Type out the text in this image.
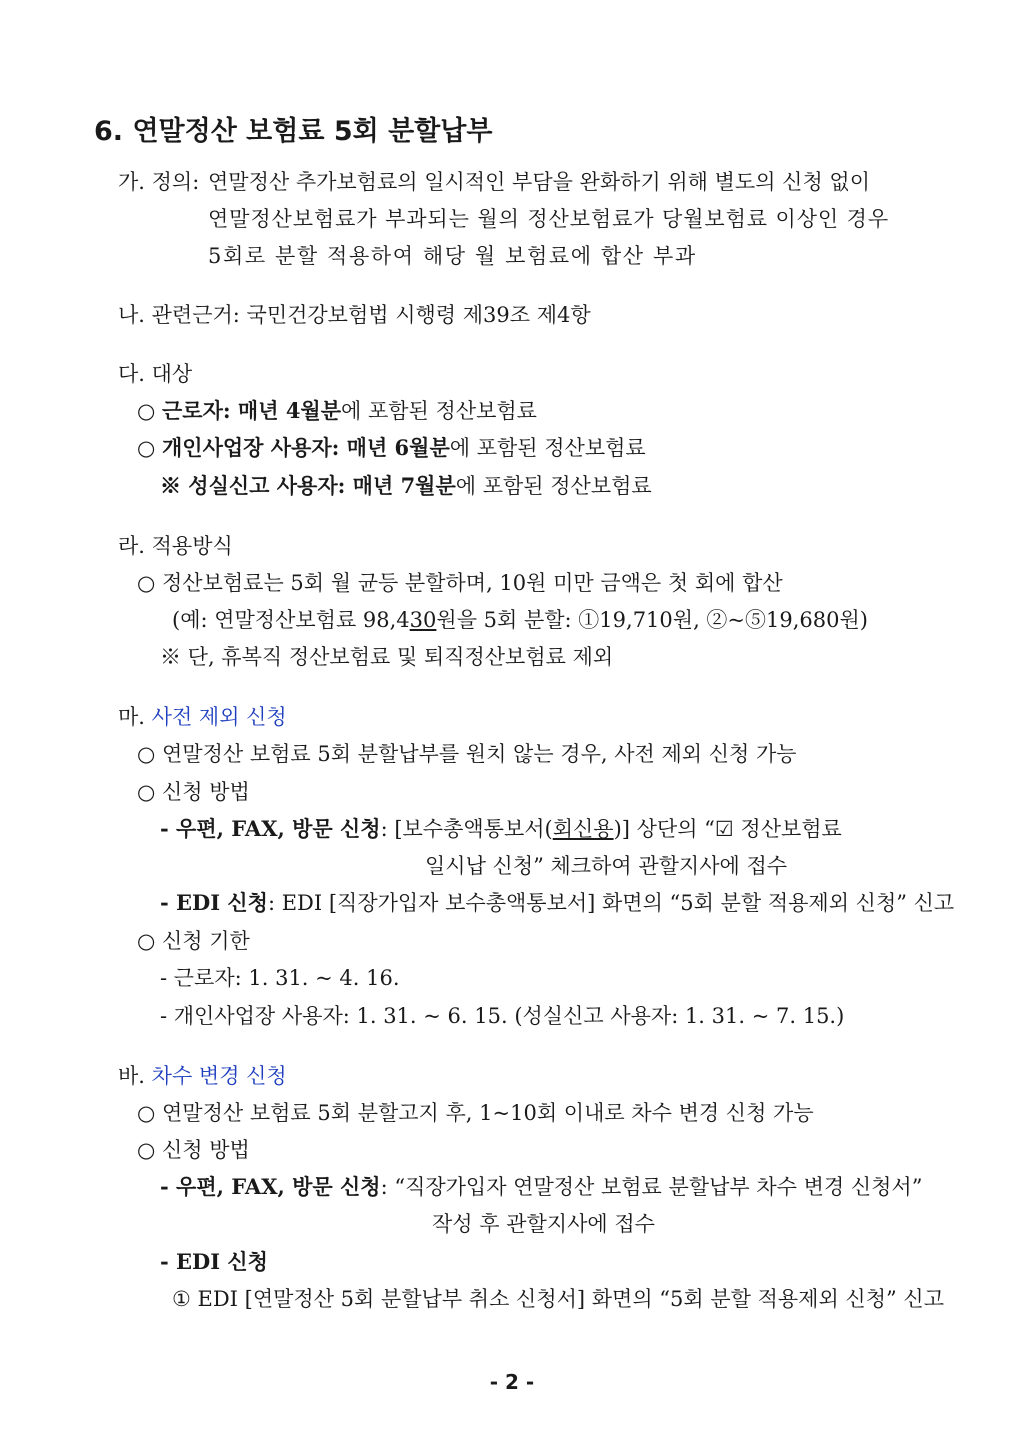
6. 연말정산 보험료 5회 분할납부
가. 정의: 연말정산 추가보험료의 일시적인 부담을 완화하기 위해 별도의 신청 없이
연말정산보험료가 부과되는 월의 정산보험료가 당월보험료 이상인 경우
5회로 분할 적용하여 해당 월 보험료에 합산 부과
나. 관련근거: 국민건강보험법 시행령 제39조 제4항
다. 대상
○ 근로자: 매년 4월분에 포함된 정산보험료
○ 개인사업장 사용자: 매년 6월분에 포함된 정산보험료
※ 성실신고 사용자: 매년 7월분에 포함된 정산보험료
라. 적용방식
○ 정산보험료는 5회 월 균등 분할하며, 10원 미만 금액은 첫 회에 합산
(예: 연말정산보험료 98,430원을 5회 분할: ①19,710원, ②~⑤19,680원)
※ 단, 휴복직 정산보험료 및 퇴직정산보험료 제외
마. 사전 제외 신청
○ 연말정산 보험료 5회 분할납부를 원치 않는 경우, 사전 제외 신청 가능
○ 신청 방법
- 우편, FAX, 방문 신청: [보수총액통보서(회신용)] 상단의 “☑ 정산보험료
일시납 신청” 체크하여 관할지사에 접수
- EDI 신청: EDI [직장가입자 보수총액통보서] 화면의 “5회 분할 적용제외 신청” 신고
○ 신청 기한
- 근로자: 1. 31. ~ 4. 16.
- 개인사업장 사용자: 1. 31. ~ 6. 15. (성실신고 사용자: 1. 31. ~ 7. 15.)
바. 차수 변경 신청
○ 연말정산 보험료 5회 분할고지 후, 1~10회 이내로 차수 변경 신청 가능
○ 신청 방법
- 우편, FAX, 방문 신청: “직장가입자 연말정산 보험료 분할납부 차수 변경 신청서”
작성 후 관할지사에 접수
- EDI 신청
① EDI [연말정산 5회 분할납부 취소 신청서] 화면의 “5회 분할 적용제외 신청” 신고
- 2 -
